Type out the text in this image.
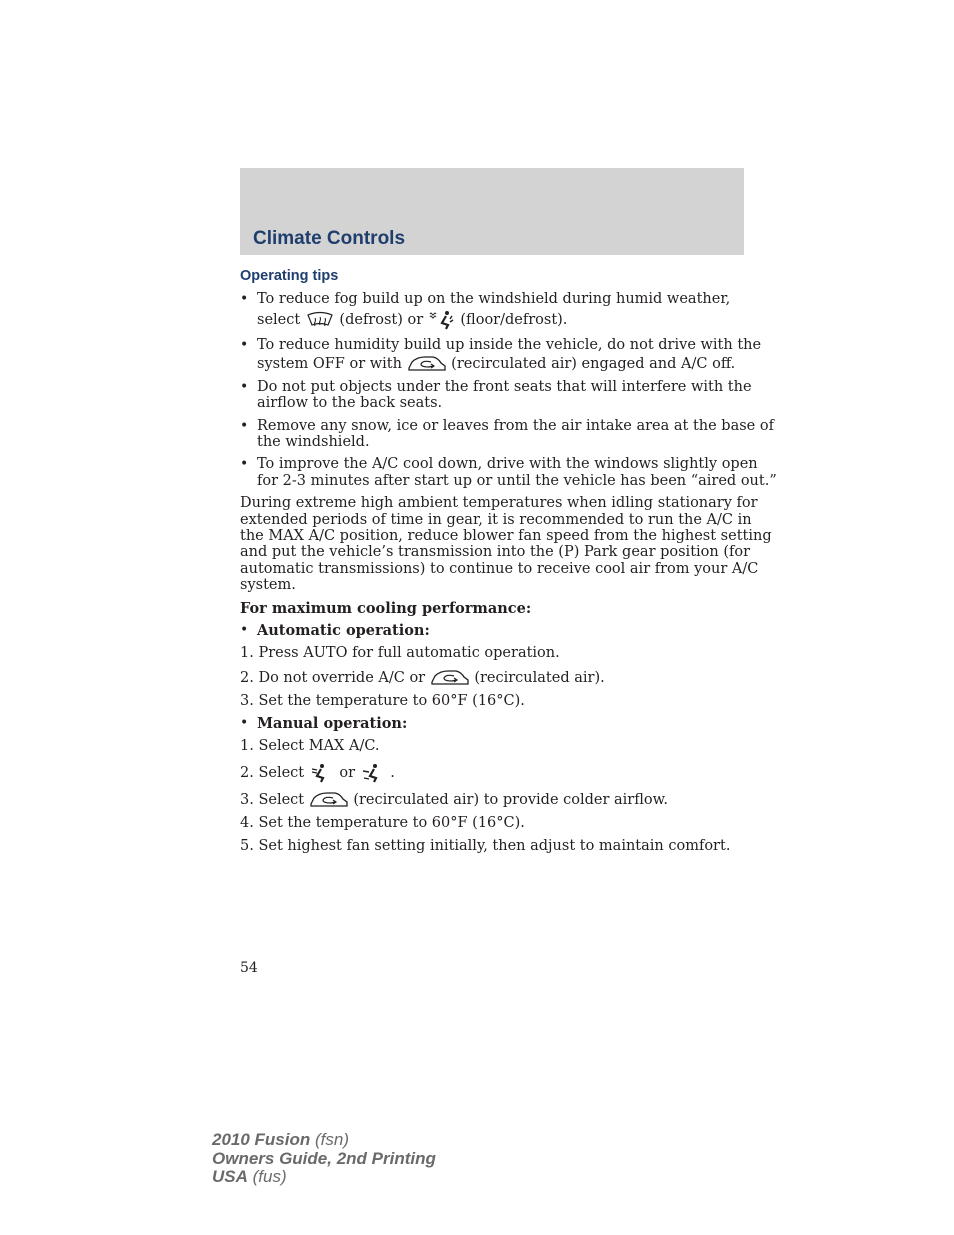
Climate Controls
Operating tips
• To reduce fog build up on the windshield during humid weather,
select	(defrost) or	(floor/defrost).
• To reduce humidity build up inside the vehicle, do not drive with the
system OFF or with	(recirculated air) engaged and A/C off.
• Do not put objects under the front seats that will interfere with the
airflow to the back seats.
• Remove any snow, ice or leaves from the air intake area at the base of
the windshield.
• To improve the A/C cool down, drive with the windows slightly open
for 2-3 minutes after start up or until the vehicle has been “aired out.”
During extreme high ambient temperatures when idling stationary for
extended periods of time in gear, it is recommended to run the A/C in
the MAX A/C position, reduce blower fan speed from the highest setting
and put the vehicle’s transmission into the (P) Park gear position (for
automatic transmissions) to continue to receive cool air from your A/C
system.
For maximum cooling performance:
• Automatic operation:
1. Press AUTO for full automatic operation.
2. Do not override A/C or	(recirculated air).
3. Set the temperature to 60°F (16°C).
• Manual operation:
1. Select MAX A/C.
2. Select or .
3. Select	(recirculated air) to provide colder airflow.
4. Set the temperature to 60°F (16°C).
5. Set highest fan setting initially, then adjust to maintain comfort.
54
2010 Fusion (fsn)
Owners Guide, 2nd Printing
USA (fus)
